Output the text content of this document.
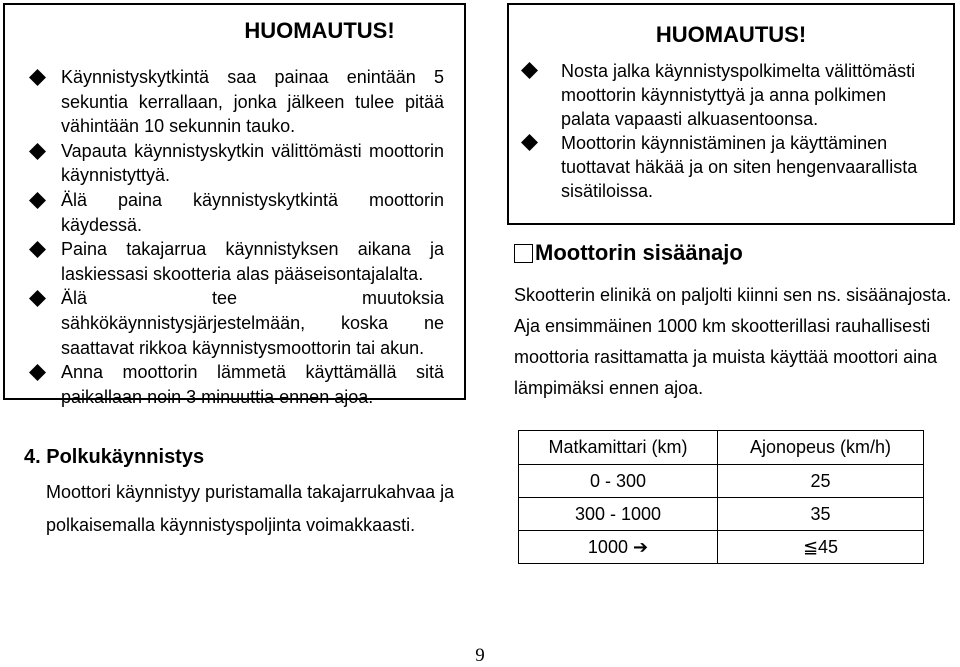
HUOMAUTUS!
Käynnistyskytkintä saa painaa enintään 5 sekuntia kerrallaan, jonka jälkeen tulee pitää vähintään 10 sekunnin tauko.
Vapauta käynnistyskytkin välittömästi moottorin käynnistyttyä.
Älä paina käynnistyskytkintä moottorin käydessä.
Paina takajarrua käynnistyksen aikana ja laskiessasi skootteria alas pääseisontajalalta.
Älä tee muutoksia sähkökäynnistysjärjestelmään, koska ne saattavat rikkoa käynnistysmoottorin tai akun.
Anna moottorin lämmetä käyttämällä sitä paikallaan noin 3 minuuttia ennen ajoa.
HUOMAUTUS!
Nosta jalka käynnistyspolkimelta välittömästi moottorin käynnistyttyä ja anna polkimen palata vapaasti alkuasentoonsa.
Moottorin käynnistäminen ja käyttäminen tuottavat häkää ja on siten hengenvaarallista sisätiloissa.
Moottorin sisäänajo
Skootterin elinikä on paljolti kiinni sen ns. sisäänajosta.
Aja ensimmäinen 1000 km skootterillasi rauhallisesti moottoria rasittamatta ja muista käyttää moottori aina lämpimäksi ennen ajoa.
4. Polkukäynnistys
Moottori käynnistyy puristamalla takajarrukahvaa ja polkaisemalla käynnistyspoljinta voimakkaasti.
Matkamittari (km)	Ajonopeus (km/h)
0 - 300	25
300 - 1000	35
1000 ➔	≦45
9
